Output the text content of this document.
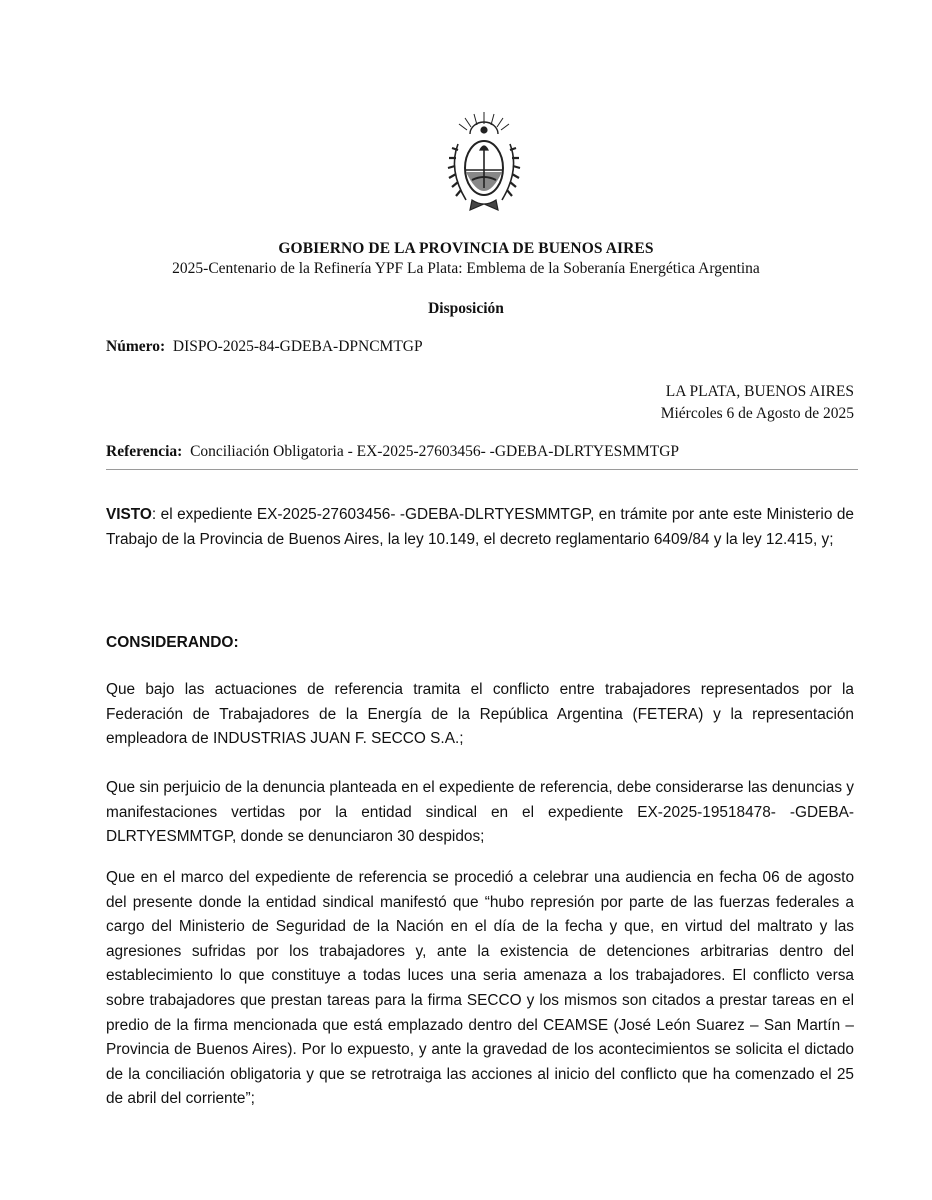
GOBIERNO DE LA PROVINCIA DE BUENOS AIRES
2025-Centenario de la Refinería YPF La Plata: Emblema de la Soberanía Energética Argentina
Disposición
Número: DISPO-2025-84-GDEBA-DPNCMTGP
LA PLATA, BUENOS AIRES
Miércoles 6 de Agosto de 2025
Referencia: Conciliación Obligatoria - EX-2025-27603456- -GDEBA-DLRTYESMMTGP
VISTO: el expediente EX-2025-27603456- -GDEBA-DLRTYESMMTGP, en trámite por ante este Ministerio de Trabajo de la Provincia de Buenos Aires, la ley 10.149, el decreto reglamentario 6409/84 y la ley 12.415, y;
CONSIDERANDO:
Que bajo las actuaciones de referencia tramita el conflicto entre trabajadores representados por la Federación de Trabajadores de la Energía de la República Argentina (FETERA) y la representación empleadora de INDUSTRIAS JUAN F. SECCO S.A.;
Que sin perjuicio de la denuncia planteada en el expediente de referencia, debe considerarse las denuncias y manifestaciones vertidas por la entidad sindical en el expediente EX-2025-19518478- -GDEBA-DLRTYESMMTGP, donde se denunciaron 30 despidos;
Que en el marco del expediente de referencia se procedió a celebrar una audiencia en fecha 06 de agosto del presente donde la entidad sindical manifestó que “hubo represión por parte de las fuerzas federales a cargo del Ministerio de Seguridad de la Nación en el día de la fecha y que, en virtud del maltrato y las agresiones sufridas por los trabajadores y, ante la existencia de detenciones arbitrarias dentro del establecimiento lo que constituye a todas luces una seria amenaza a los trabajadores. El conflicto versa sobre trabajadores que prestan tareas para la firma SECCO y los mismos son citados a prestar tareas en el predio de la firma mencionada que está emplazado dentro del CEAMSE (José León Suarez – San Martín – Provincia de Buenos Aires). Por lo expuesto, y ante la gravedad de los acontecimientos se solicita el dictado de la conciliación obligatoria y que se retrotraiga las acciones al inicio del conflicto que ha comenzado el 25 de abril del corriente”;
